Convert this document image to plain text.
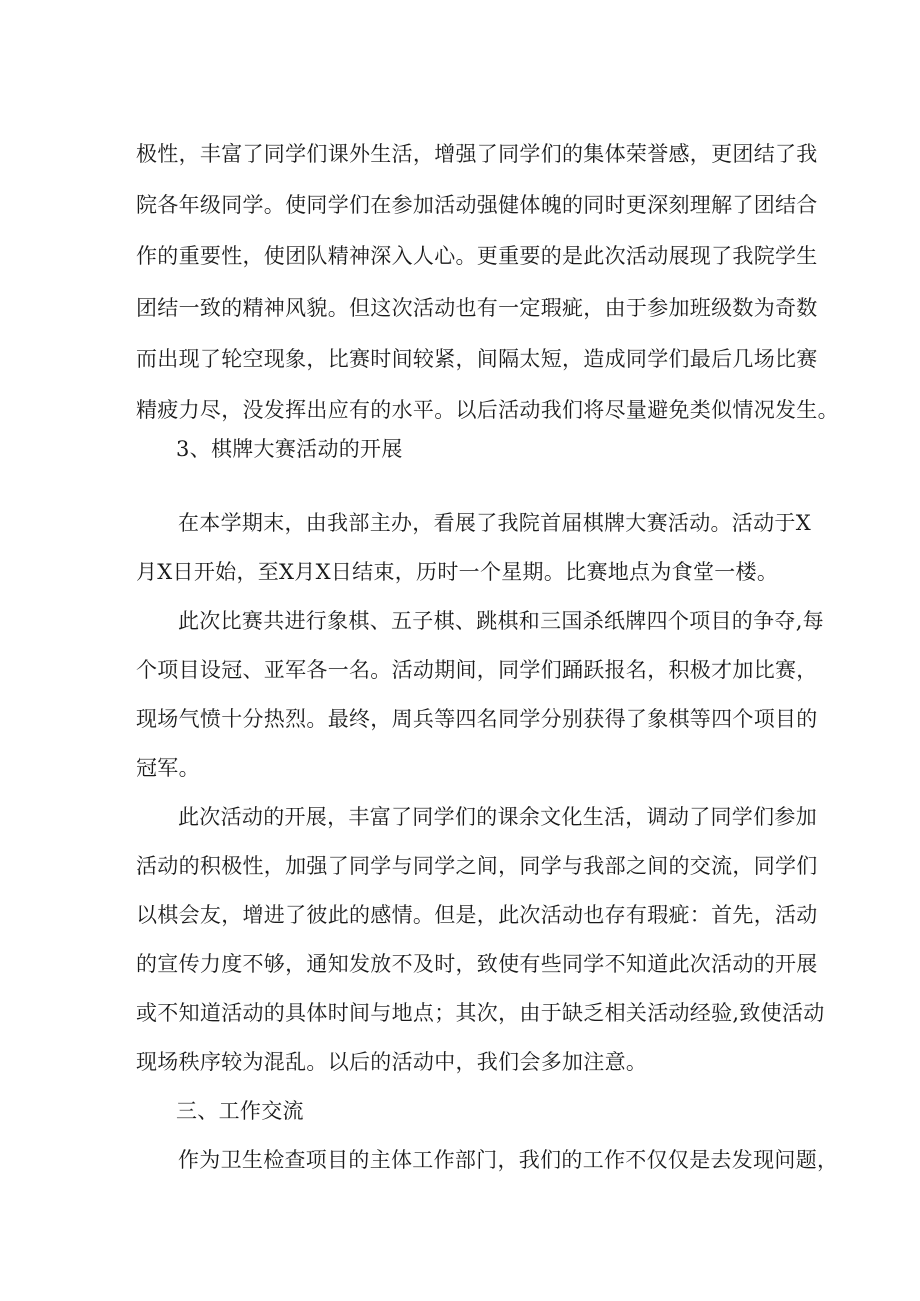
极性，丰富了同学们课外生活，增强了同学们的集体荣誉感，更团结了我
院各年级同学。使同学们在参加活动强健体魄的同时更深刻理解了团结合
作的重要性，使团队精神深入人心。更重要的是此次活动展现了我院学生
团结一致的精神风貌。但这次活动也有一定瑕疵，由于参加班级数为奇数
而出现了轮空现象，比赛时间较紧，间隔太短，造成同学们最后几场比赛
精疲力尽，没发挥出应有的水平。以后活动我们将尽量避免类似情况发生。
3、棋牌大赛活动的开展
在本学期末，由我部主办，看展了我院首届棋牌大赛活动。活动于X
月X日开始，至X月X日结束，历时一个星期。比赛地点为食堂一楼。
此次比赛共进行象棋、五子棋、跳棋和三国杀纸牌四个项目的争夺,每
个项目设冠、亚军各一名。活动期间，同学们踊跃报名，积极才加比赛，
现场气愤十分热烈。最终，周兵等四名同学分别获得了象棋等四个项目的
冠军。
此次活动的开展，丰富了同学们的课余文化生活，调动了同学们参加
活动的积极性，加强了同学与同学之间，同学与我部之间的交流，同学们
以棋会友，增进了彼此的感情。但是，此次活动也存有瑕疵：首先，活动
的宣传力度不够，通知发放不及时，致使有些同学不知道此次活动的开展
或不知道活动的具体时间与地点；其次，由于缺乏相关活动经验,致使活动
现场秩序较为混乱。以后的活动中，我们会多加注意。
三、工作交流
作为卫生检查项目的主体工作部门，我们的工作不仅仅是去发现问题，
